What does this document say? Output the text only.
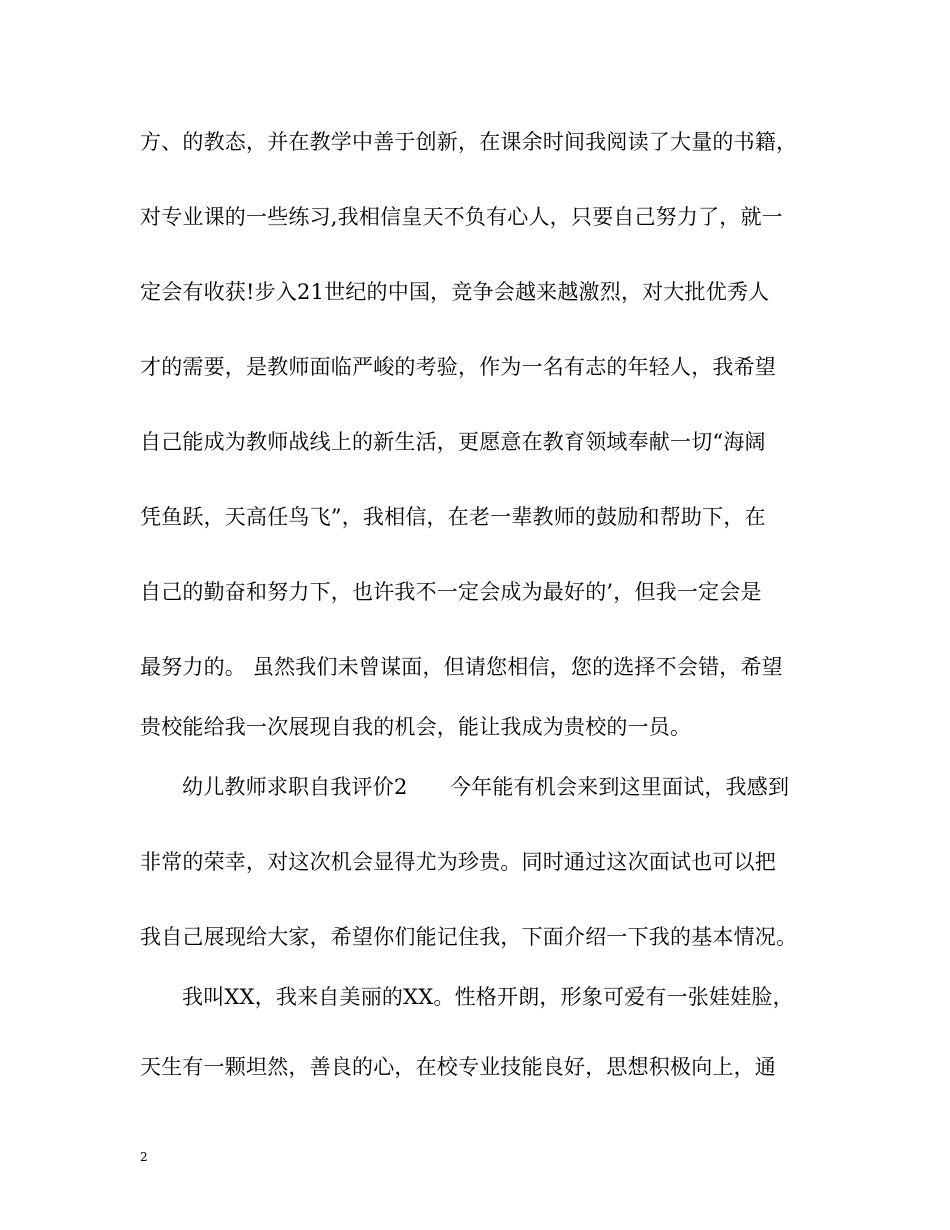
方、的教态，并在教学中善于创新，在课余时间我阅读了大量的书籍，
对专业课的一些练习,我相信皇天不负有心人，只要自己努力了，就一
定会有收获!步入21世纪的中国，竞争会越来越激烈，对大批优秀人
才的需要，是教师面临严峻的考验，作为一名有志的年轻人，我希望
自己能成为教师战线上的新生活，更愿意在教育领域奉献一切“海阔
凭鱼跃，天高任鸟飞”，我相信，在老一辈教师的鼓励和帮助下，在
自己的勤奋和努力下，也许我不一定会成为最好的’，但我一定会是
最努力的。 虽然我们未曾谋面，但请您相信，您的选择不会错，希望
贵校能给我一次展现自我的机会，能让我成为贵校的一员。
幼儿教师求职自我评价2　　今年能有机会来到这里面试，我感到
非常的荣幸，对这次机会显得尤为珍贵。同时通过这次面试也可以把
我自己展现给大家，希望你们能记住我，下面介绍一下我的基本情况。
我叫XX，我来自美丽的XX。性格开朗，形象可爱有一张娃娃脸，
天生有一颗坦然，善良的心，在校专业技能良好，思想积极向上，通
2
